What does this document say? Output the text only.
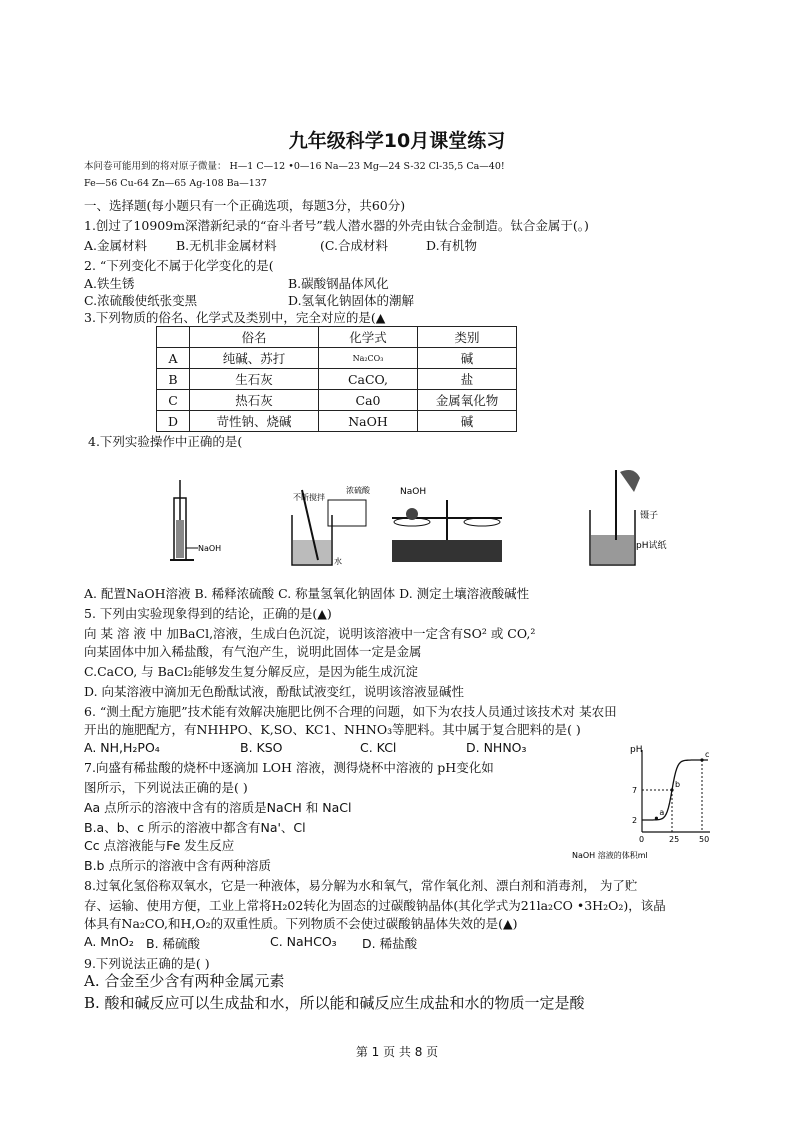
九年级科学10月课堂练习
本问卷可能用到的将对原子微量： H—1 C—12 •0—16 Na—23 Mg—24 S-32 Cl-35,5 Ca—40!
Fe—56 Cu-64 Zn—65 Ag-108 Ba—137
一、选择题(每小题只有一个正确选项，每题3分，共60分)
1.创过了10909m深潜新纪录的“奋斗者号”载人潜水器的外壳由钛合金制造。钛合金属于(。)
A.金属材料 B.无机非金属材料	(C.合成材料	D.有机物
2. “下列变化不属于化学变化的是(
A.铁生锈	B.碳酸钢晶体风化
C.浓硫酸使纸张变黑	D.氢氧化钠固体的潮解
3.下列物质的俗名、化学式及类别中，完全对应的是(▲
	俗名	化学式	类别
A	纯碱、苏打	Na₂CO₃	碱
B	生石灰	CaCO,	盐
C	热石灰	Ca0	金属氧化物
D	苛性钠、烧碱	NaOH	碱
4.下列实验操作中正确的是(
NaOH
不断搅拌
水
浓硫酸	NaOH
镊子
pH试纸
A. 配置NaOH溶液 B. 稀释浓硫酸 C. 称量氢氧化钠固体 D. 测定土壤溶液酸碱性
5. 下列由实验现象得到的结论，正确的是(▲)
向 某 溶 液 中 加BaCl,溶液，生成白色沉淀，说明该溶液中一定含有SO² 或 CO,²
向某固体中加入稀盐酸，有气泡产生，说明此固体一定是金属
C.CaCO, 与 BaCl₂能够发生复分解反应，是因为能生成沉淀
D. 向某溶液中滴加无色酚酞试液，酚酞试液变红，说明该溶液显碱性
6. “测土配方施肥”技术能有效解决施肥比例不合理的问题，如下为农技人员通过该技术对 某农田
开出的施肥配方，有NHHPO、K,SO、KC1、NHNO₃等肥料。其中属于复合肥料的是( )
A. NH,H₂PO₄	B. KSO	C. KCl	D. NHNO₃
7.向盛有稀盐酸的烧杯中逐滴加 LOH 溶液，测得烧杯中溶液的 pH变化如
图所示，下列说法正确的是( )
Aa 点所示的溶液中含有的溶质是NaCH 和 NaCl
B.a、b、c 所示的溶液中都含有Na'、Cl
Cc 点溶液能与Fe 发生反应
B.b 点所示的溶液中含有两种溶质
pH
NaOH 溶液的体积ml
2
7
0	25 50
a
b
c
8.过氧化氢俗称双氧水，它是一种液体，易分解为水和氧气，常作氧化剂、漂白剂和消毒剂， 为了贮
存、运输、使用方便，工业上常将H₂02转化为固态的过碳酸钠晶体(其化学式为21la₂CO •3H₂O₂)，该晶
体具有Na₂CO,和H,O₂的双重性质。下列物质不会使过碳酸钠晶体失效的是(▲)
A. MnO₂ B. 稀硫酸	C. NaHCO₃ D. 稀盐酸
9.下列说法正确的是( )
A. 合金至少含有两种金属元素
B. 酸和碱反应可以生成盐和水，所以能和碱反应生成盐和水的物质一定是酸
第 1 页 共 8 页
